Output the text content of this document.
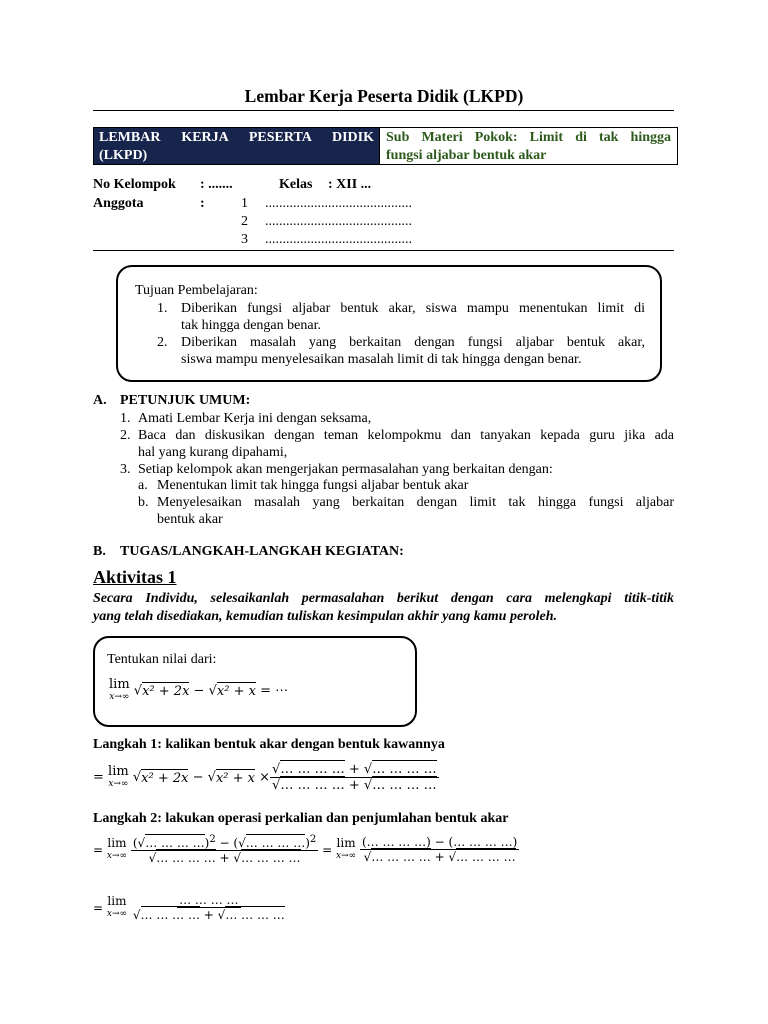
Lembar Kerja Peserta Didik (LKPD)
LEMBAR KERJA PESERTA DIDIK
(LKPD)
Sub Materi Pokok: Limit di tak hingga
fungsi aljabar bentuk akar
No Kelompok : .......	Kelas : XII ...
Anggota	:	1 ..........................................
2 ..........................................
3 ..........................................
Tujuan Pembelajaran:
1. Diberikan fungsi aljabar bentuk akar, siswa mampu menentukan limit di
tak hingga dengan benar.
2. Diberikan masalah yang berkaitan dengan fungsi aljabar bentuk akar,
siswa mampu menyelesaikan masalah limit di tak hingga dengan benar.
A. PETUNJUK UMUM:
1. Amati Lembar Kerja ini dengan seksama,
2. Baca dan diskusikan dengan teman kelompokmu dan tanyakan kepada guru jika ada
hal yang kurang dipahami,
3. Setiap kelompok akan mengerjakan permasalahan yang berkaitan dengan:
a. Menentukan limit tak hingga fungsi aljabar bentuk akar
b. Menyelesaikan masalah yang berkaitan dengan limit tak hingga fungsi aljabar
bentuk akar
B. TUGAS/LANGKAH-LANGKAH KEGIATAN:
Aktivitas 1
Secara Individu, selesaikanlah permasalahan berikut dengan cara melengkapi titik-titik
yang telah disediakan, kemudian tuliskan kesimpulan akhir yang kamu peroleh.
Tentukan nilai dari:
lim
x→∞ √x² + 2x − √x² + x = ⋯
Langkah 1: kalikan bentuk akar dengan bentuk kawannya
=
lim
x→∞
√ x² + 2x
−
√ x² + x
× $\frac{√\dots \dots \dots \dots + √\dots \dots \dots \dots}{√\dots \dots \dots \dots + √\dots \dots \dots \dots}$
Langkah 2: lakukan operasi perkalian dan penjumlahan bentuk akar
=
lim
x→∞
$\frac{(√\dots \dots \dots \dots)^2 - (√\dots \dots \dots \dots)^2}{√\dots \dots \dots \dots + √\dots \dots \dots \dots}$
=
lim
x→∞
$\frac{(\dots \dots \dots \dots) - (\dots \dots \dots \dots)}{√\dots \dots \dots \dots + √\dots \dots \dots \dots}$
=
lim
x→∞
$\frac{\dots \dots \dots \dots}{√\dots \dots \dots \dots + √\dots \dots \dots \dots}$
